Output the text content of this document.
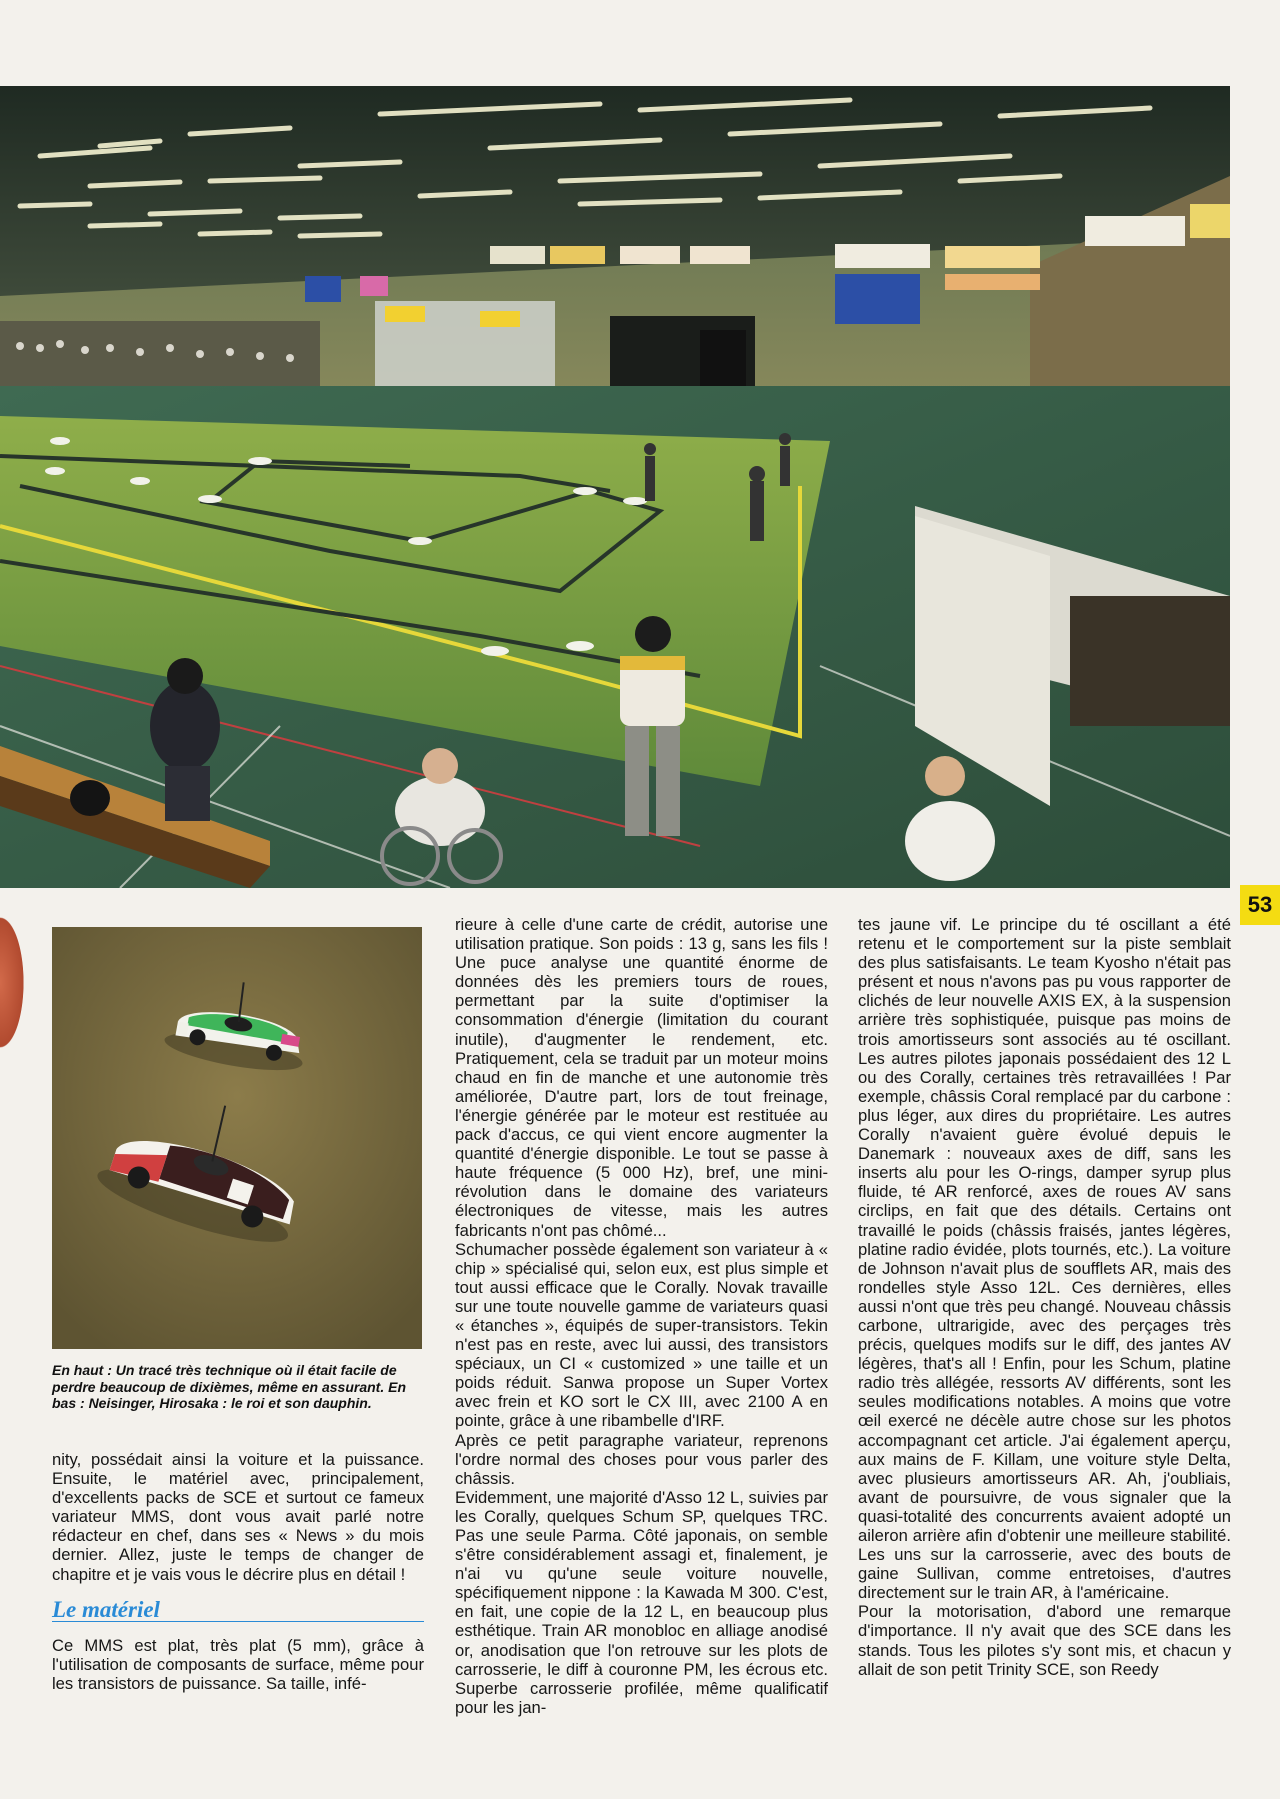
53
En haut : Un tracé très technique où il était facile de perdre beaucoup de dixièmes, même en assurant. En bas : Neisinger, Hirosaka : le roi et son dauphin.

nity, possédait ainsi la voiture et la puissance. Ensuite, le matériel avec, principalement, d'excellents packs de SCE et surtout ce fameux variateur MMS, dont vous avait parlé notre rédacteur en chef, dans ses « News » du mois dernier. Allez, juste le temps de changer de chapitre et je vais vous le décrire plus en détail !

Le matériel

Ce MMS est plat, très plat (5 mm), grâce à l'utilisation de composants de surface, même pour les transistors de puissance. Sa taille, infé-

rieure à celle d'une carte de crédit, autorise une utilisation pratique. Son poids : 13 g, sans les fils ! Une puce analyse une quantité énorme de données dès les premiers tours de roues, permettant par la suite d'optimiser la consommation d'énergie (limitation du courant inutile), d'augmenter le rendement, etc. Pratiquement, cela se traduit par un moteur moins chaud en fin de manche et une autonomie très améliorée, D'autre part, lors de tout freinage, l'énergie générée par le moteur est restituée au pack d'accus, ce qui vient encore augmenter la quantité d'énergie disponible. Le tout se passe à haute fréquence (5 000 Hz), bref, une mini-révolution dans le domaine des variateurs électroniques de vitesse, mais les autres fabricants n'ont pas chômé...

Schumacher possède également son variateur à « chip » spécialisé qui, selon eux, est plus simple et tout aussi efficace que le Corally. Novak travaille sur une toute nouvelle gamme de variateurs quasi « étanches », équipés de super-transistors. Tekin n'est pas en reste, avec lui aussi, des transistors spéciaux, un CI « customized » une taille et un poids réduit. Sanwa propose un Super Vortex avec frein et KO sort le CX III, avec 2100 A en pointe, grâce à une ribambelle d'IRF.

Après ce petit paragraphe variateur, reprenons l'ordre normal des choses pour vous parler des châssis.

Evidemment, une majorité d'Asso 12 L, suivies par les Corally, quelques Schum SP, quelques TRC. Pas une seule Parma. Côté japonais, on semble s'être considérablement assagi et, finalement, je n'ai vu qu'une seule voiture nouvelle, spécifiquement nippone : la Kawada M 300. C'est, en fait, une copie de la 12 L, en beaucoup plus esthétique. Train AR monobloc en alliage anodisé or, anodisation que l'on retrouve sur les plots de carrosserie, le diff à couronne PM, les écrous etc. Superbe carrosserie profilée, même qualificatif pour les jan-

tes jaune vif. Le principe du té oscillant a été retenu et le comportement sur la piste semblait des plus satisfaisants. Le team Kyosho n'était pas présent et nous n'avons pas pu vous rapporter de clichés de leur nouvelle AXIS EX, à la suspension arrière très sophistiquée, puisque pas moins de trois amortisseurs sont associés au té oscillant. Les autres pilotes japonais possédaient des 12 L ou des Corally, certaines très retravaillées ! Par exemple, châssis Coral remplacé par du carbone : plus léger, aux dires du propriétaire. Les autres Corally n'avaient guère évolué depuis le Danemark : nouveaux axes de diff, sans les inserts alu pour les O-rings, damper syrup plus fluide, té AR renforcé, axes de roues AV sans circlips, en fait que des détails. Certains ont travaillé le poids (châssis fraisés, jantes légères, platine radio évidée, plots tournés, etc.). La voiture de Johnson n'avait plus de soufflets AR, mais des rondelles style Asso 12L. Ces dernières, elles aussi n'ont que très peu changé. Nouveau châssis carbone, ultrarigide, avec des perçages très précis, quelques modifs sur le diff, des jantes AV légères, that's all ! Enfin, pour les Schum, platine radio très allégée, ressorts AV différents, sont les seules modifications notables. A moins que votre œil exercé ne décèle autre chose sur les photos accompagnant cet article. J'ai également aperçu, aux mains de F. Killam, une voiture style Delta, avec plusieurs amortisseurs AR. Ah, j'oubliais, avant de poursuivre, de vous signaler que la quasi-totalité des concurrents avaient adopté un aileron arrière afin d'obtenir une meilleure stabilité. Les uns sur la carrosserie, avec des bouts de gaine Sullivan, comme entretoises, d'autres directement sur le train AR, à l'américaine.

Pour la motorisation, d'abord une remarque d'importance. Il n'y avait que des SCE dans les stands. Tous les pilotes s'y sont mis, et chacun y allait de son petit Trinity SCE, son Reedy
